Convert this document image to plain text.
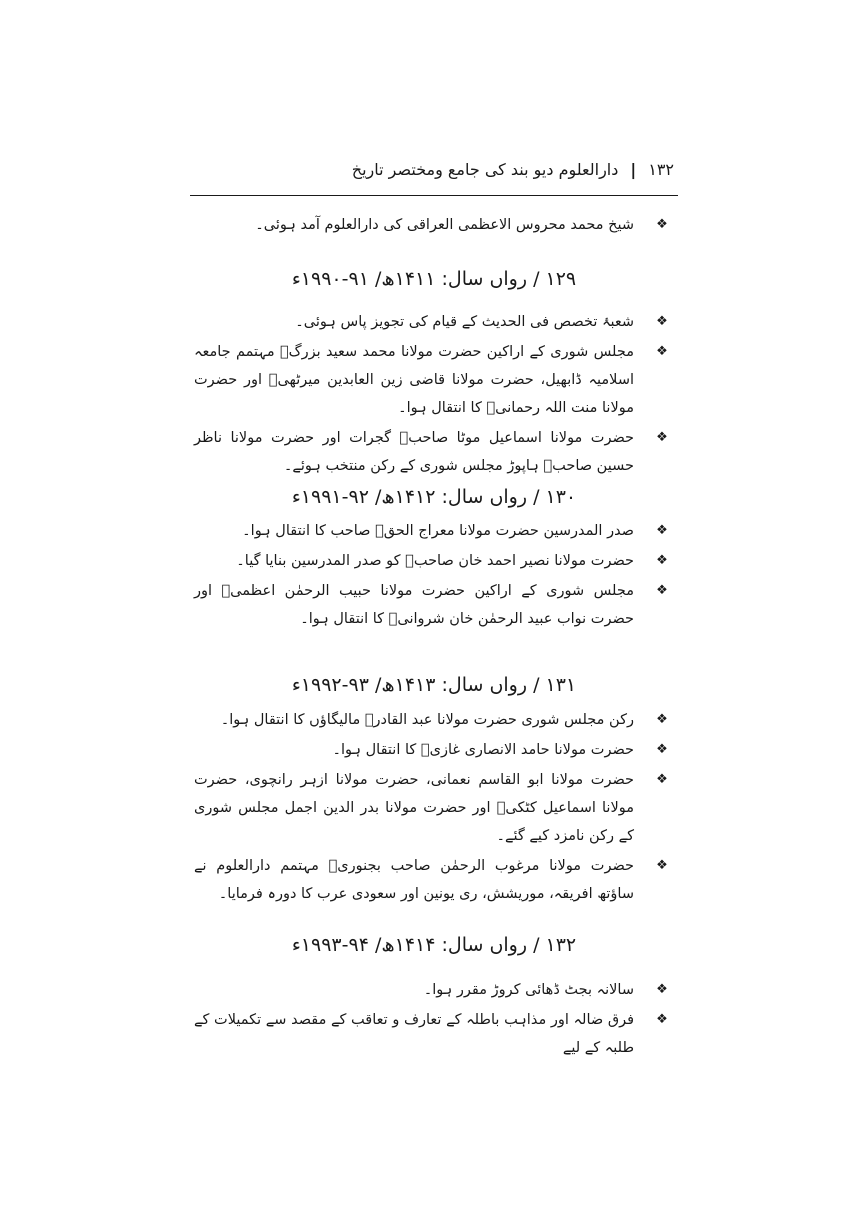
۱۳۲
|
دارالعلوم دیو بند کی جامع ومختصر تاریخ
❖
شیخ محمد محروس الاعظمی العراقی کی دارالعلوم آمد ہوئی۔
۱۲۹ / رواں سال: ۱۴۱۱ھ/ ۹۱-۱۹۹۰ء
❖
شعبۂ تخصص فی الحدیث کے قیام کی تجویز پاس ہوئی۔
❖
مجلس شوری کے اراکین حضرت مولانا محمد سعید بزرگؒ مہتمم جامعہ اسلامیہ ڈابھیل، حضرت مولانا قاضی زین العابدین میرٹھیؒ اور حضرت مولانا منت اللہ رحمانیؒ کا انتقال ہوا۔
❖
حضرت مولانا اسماعیل موٹا صاحبؒ گجرات اور حضرت مولانا ناظر حسین صاحبؒ ہاپوڑ مجلس شوری کے رکن منتخب ہوئے۔
۱۳۰ / رواں سال: ۱۴۱۲ھ/ ۹۲-۱۹۹۱ء
❖
صدر المدرسین حضرت مولانا معراج الحقؒ صاحب کا انتقال ہوا۔
❖
حضرت مولانا نصیر احمد خان صاحبؒ کو صدر المدرسین بنایا گیا۔
❖
مجلس شوری کے اراکین حضرت مولانا حبیب الرحمٰن اعظمیؒ اور حضرت نواب عبید الرحمٰن خان شروانیؒ کا انتقال ہوا۔
۱۳۱ / رواں سال: ۱۴۱۳ھ/ ۹۳-۱۹۹۲ء
❖
رکن مجلس شوری حضرت مولانا عبد القادرؒ مالیگاؤں کا انتقال ہوا۔
❖
حضرت مولانا حامد الانصاری غازیؒ کا انتقال ہوا۔
❖
حضرت مولانا ابو القاسم نعمانی، حضرت مولانا ازہر رانچوی، حضرت مولانا اسماعیل کٹکیؒ اور حضرت مولانا بدر الدین اجمل مجلس شوری کے رکن نامزد کیے گئے۔
❖
حضرت مولانا مرغوب الرحمٰن صاحب بجنوریؒ مہتمم دارالعلوم نے ساؤتھ افریقہ، موریشش، ری یونین اور سعودی عرب کا دورہ فرمایا۔
۱۳۲ / رواں سال: ۱۴۱۴ھ/ ۹۴-۱۹۹۳ء
❖
سالانہ بجٹ ڈھائی کروڑ مقرر ہوا۔
❖
فرق ضالہ اور مذاہب باطلہ کے تعارف و تعاقب کے مقصد سے تکمیلات کے طلبہ کے لیے
